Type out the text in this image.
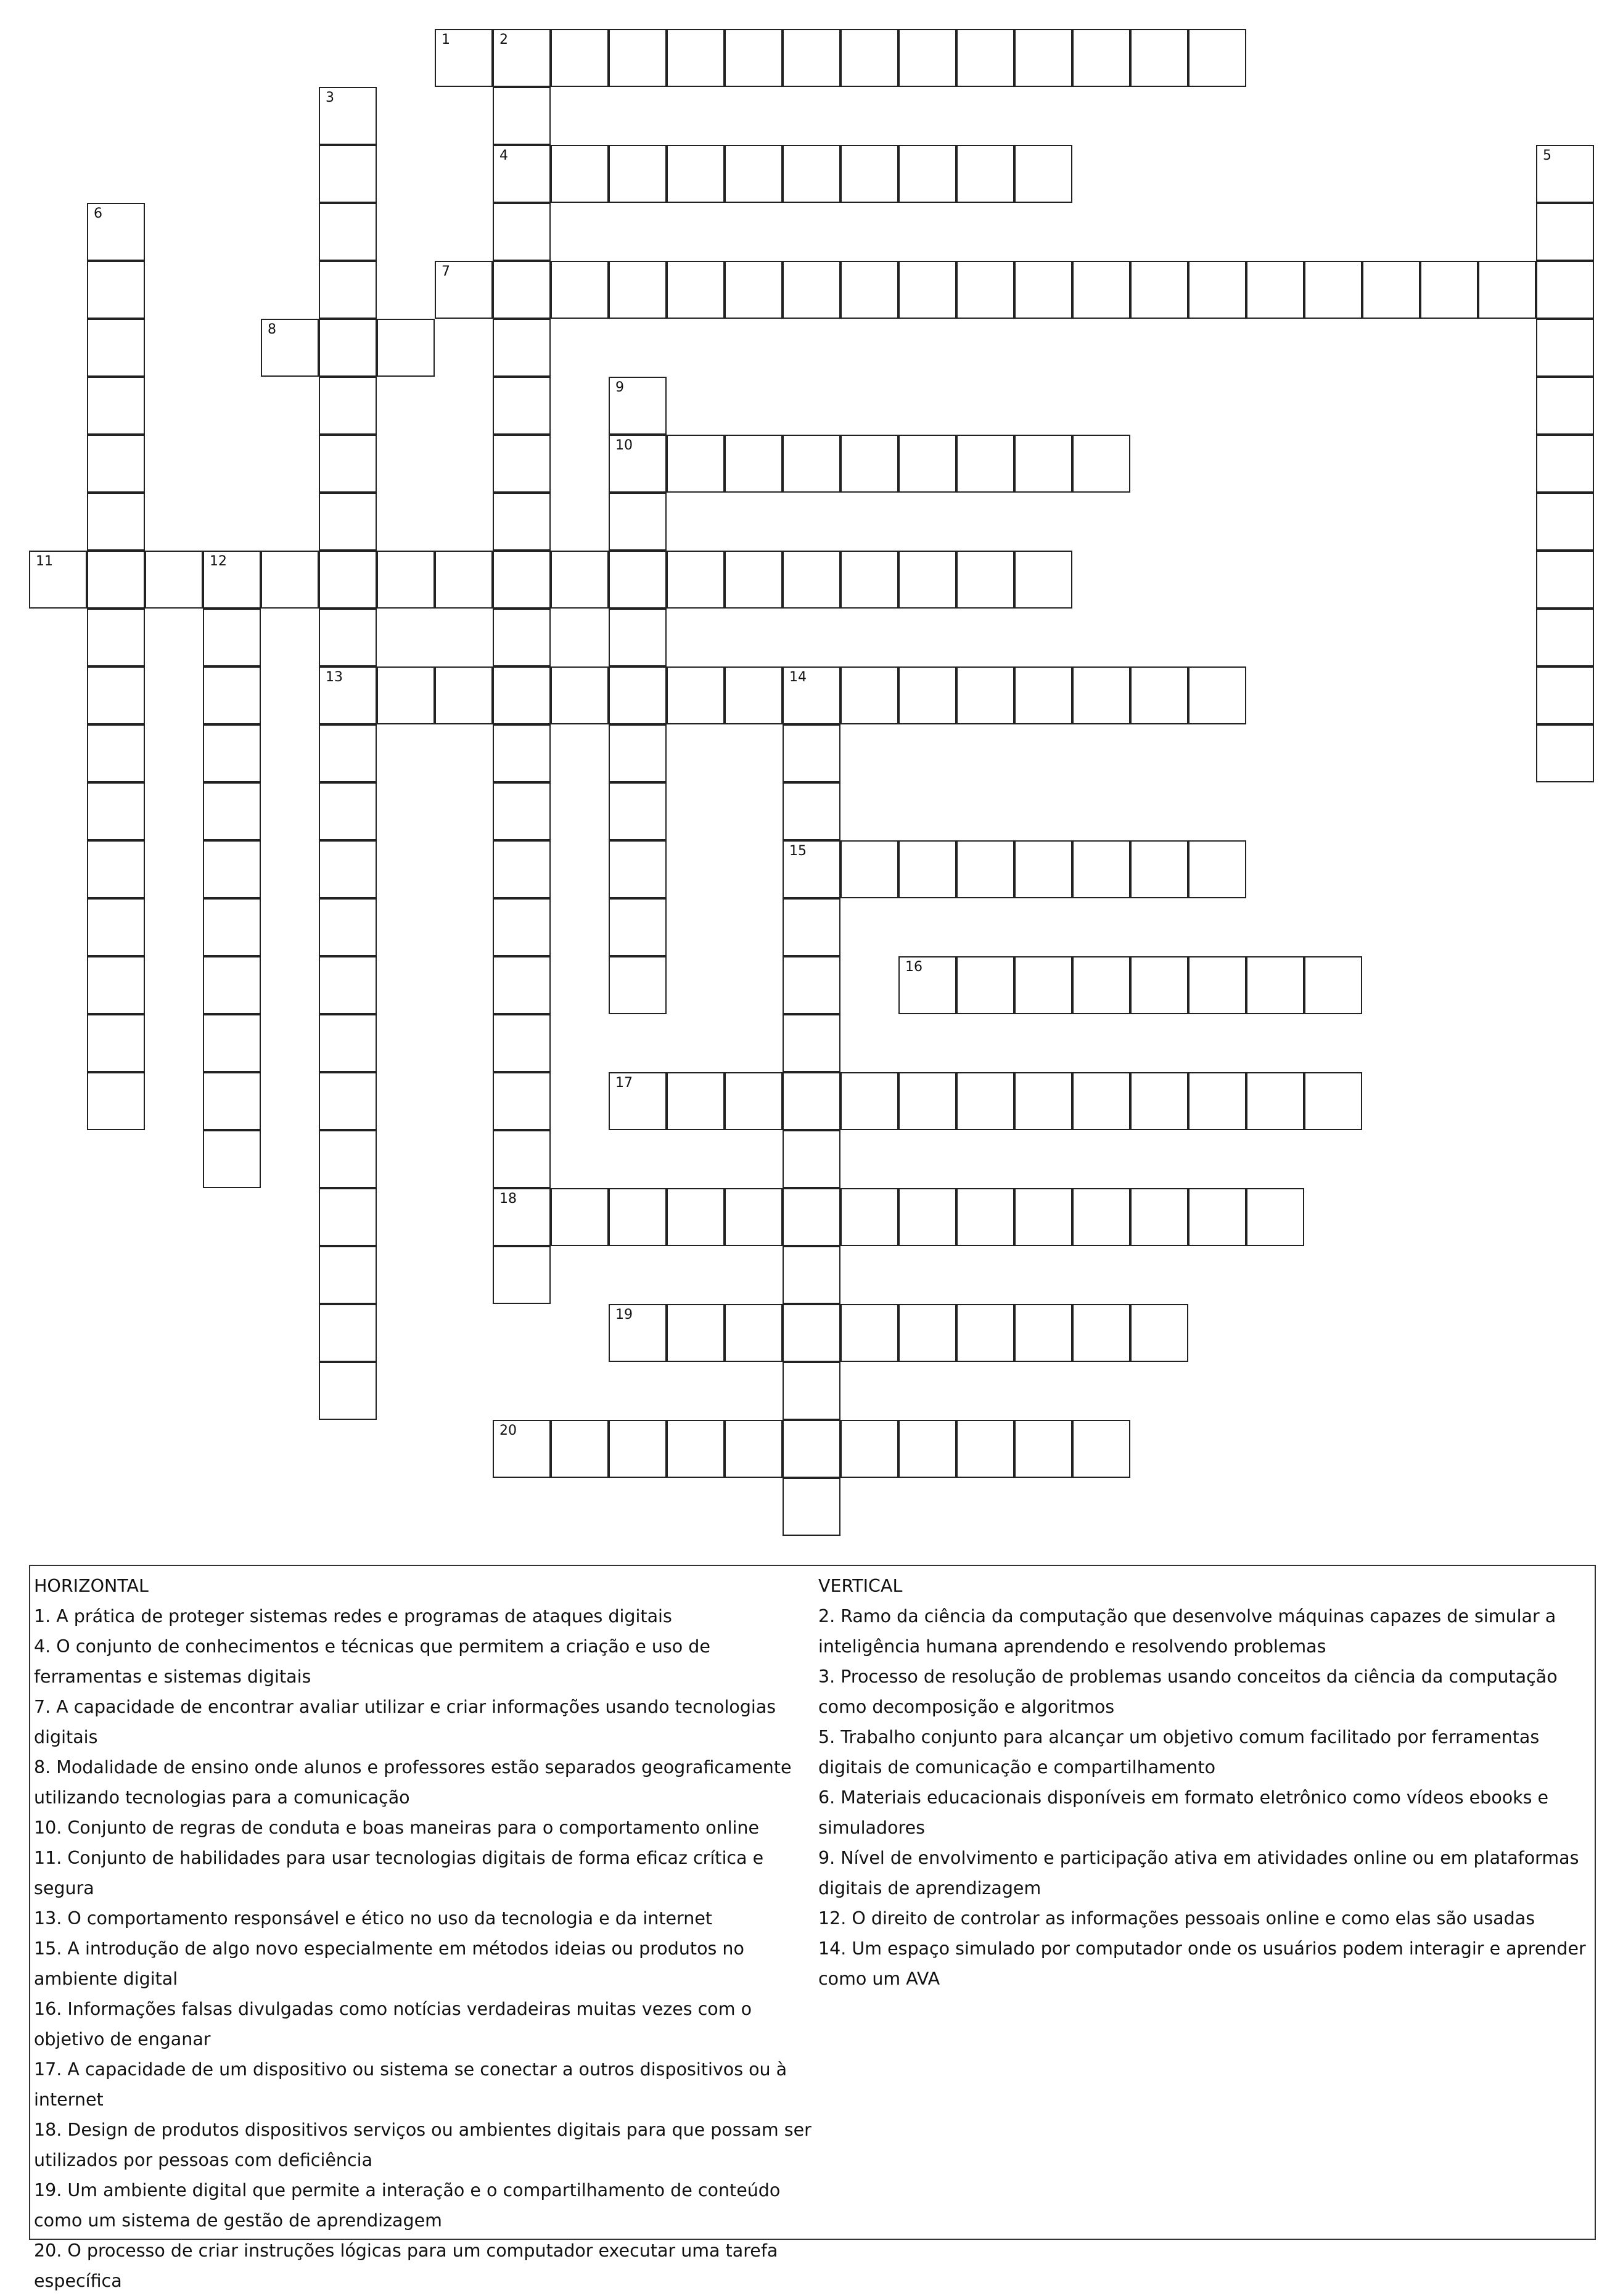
1	2
4
7
8
10
11	12
13	14
15
16
17
18
19
20
3
5
6
9
HORIZONTAL
1. A prática de proteger sistemas redes e programas de ataques digitais
4. O conjunto de conhecimentos e técnicas que permitem a criação e uso de ferramentas e sistemas digitais
7. A capacidade de encontrar avaliar utilizar e criar informações usando tecnologias digitais
8. Modalidade de ensino onde alunos e professores estão separados geograficamente utilizando tecnologias para a comunicação
10. Conjunto de regras de conduta e boas maneiras para o comportamento online
11. Conjunto de habilidades para usar tecnologias digitais de forma eficaz crítica e segura
13. O comportamento responsável e ético no uso da tecnologia e da internet
15. A introdução de algo novo especialmente em métodos ideias ou produtos no ambiente digital
16. Informações falsas divulgadas como notícias verdadeiras muitas vezes com o objetivo de enganar
17. A capacidade de um dispositivo ou sistema se conectar a outros dispositivos ou à internet
18. Design de produtos dispositivos serviços ou ambientes digitais para que possam ser utilizados por pessoas com deficiência
19. Um ambiente digital que permite a interação e o compartilhamento de conteúdo como um sistema de gestão de aprendizagem
20. O processo de criar instruções lógicas para um computador executar uma tarefa específica
VERTICAL
2. Ramo da ciência da computação que desenvolve máquinas capazes de simular a inteligência humana aprendendo e resolvendo problemas
3. Processo de resolução de problemas usando conceitos da ciência da computação como decomposição e algoritmos
5. Trabalho conjunto para alcançar um objetivo comum facilitado por ferramentas digitais de comunicação e compartilhamento
6. Materiais educacionais disponíveis em formato eletrônico como vídeos ebooks e simuladores
9. Nível de envolvimento e participação ativa em atividades online ou em plataformas digitais de aprendizagem
12. O direito de controlar as informações pessoais online e como elas são usadas
14. Um espaço simulado por computador onde os usuários podem interagir e aprender como um AVA
